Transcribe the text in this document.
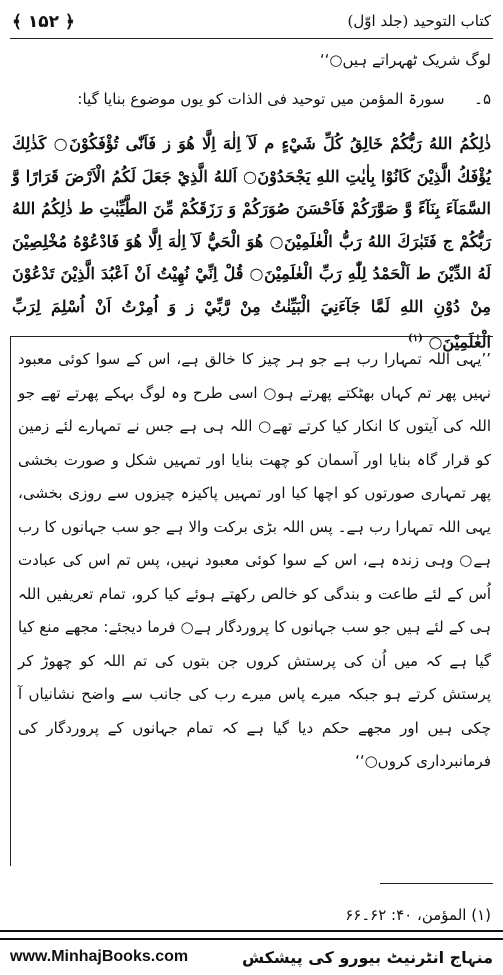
﴾ ۱۵۲ ﴿	کتاب التوحید (جلد اوّل)
لوگ شریک ٹھہراتے ہیں○‘‘
۵۔  سورۃ المؤمن میں توحید فی الذات کو یوں موضوع بنایا گیا:
ذٰلِكُمُ اللهُ رَبُّكُمْ خَالِقُ كُلِّ شَيْءٍ م لَآ اِلٰهَ اِلَّا هُوَ ز فَاَنّٰى تُؤْفَكُوْنَ○ كَذٰلِكَ يُؤْفَكُ الَّذِيْنَ كَانُوْا بِاٰيٰتِ اللهِ يَجْحَدُوْنَ○ اَللهُ الَّذِيْ جَعَلَ لَكُمُ الْاَرْضَ قَرَارًا وَّ السَّمَآءَ بِنَآءً وَّ صَوَّرَكُمْ فَاَحْسَنَ صُوَرَكُمْ وَ رَزَقَكُمْ مِّنَ الطَّيِّبٰتِ ط ذٰلِكُمُ اللهُ رَبُّكُمْ ج فَتَبٰرَكَ اللهُ رَبُّ الْعٰلَمِيْنَ○ هُوَ الْحَيُّ لَآ اِلٰهَ اِلَّا هُوَ فَادْعُوْهُ مُخْلِصِيْنَ لَهُ الدِّيْنَ ط اَلْحَمْدُ لِلّٰهِ رَبِّ الْعٰلَمِيْنَ○ قُلْ اِنِّيْ نُهِيْتُ اَنْ اَعْبُدَ الَّذِيْنَ تَدْعُوْنَ مِنْ دُوْنِ اللهِ لَمَّا جَآءَنِيَ الْبَيِّنٰتُ مِنْ رَّبِّيْ ز وَ اُمِرْتُ اَنْ اُسْلِمَ لِرَبِّ الْعٰلَمِيْنَ○ $^{(۱)}$
’’یہی اللہ تمہارا رب ہے جو ہر چیز کا خالق ہے، اس کے سوا کوئی معبود نہیں پھر تم کہاں بھٹکتے پھرتے ہو○ اسی طرح وہ لوگ بہکے پھرتے تھے جو اللہ کی آیتوں کا انکار کیا کرتے تھے○ اللہ ہی ہے جس نے تمہارے لئے زمین کو قرار گاہ بنایا اور آسمان کو چھت بنایا اور تمہیں شکل و صورت بخشی پھر تمہاری صورتوں کو اچھا کیا اور تمہیں پاکیزہ چیزوں سے روزی بخشی، یہی اللہ تمہارا رب ہے۔ پس اللہ بڑی برکت والا ہے جو سب جہانوں کا رب ہے○ وہی زندہ ہے، اس کے سوا کوئی معبود نہیں، پس تم اس کی عبادت اُس کے لئے طاعت و بندگی کو خالص رکھتے ہوئے کیا کرو، تمام تعریفیں اللہ ہی کے لئے ہیں جو سب جہانوں کا پروردگار ہے○ فرما دیجئے: مجھے منع کیا گیا ہے کہ میں اُن کی پرستش کروں جن بتوں کی تم اللہ کو چھوڑ کر پرستش کرتے ہو جبکہ میرے پاس میرے رب کی جانب سے واضح نشانیاں آ چکی ہیں اور مجھے حکم دیا گیا ہے کہ تمام جہانوں کے پروردگار کی فرمانبرداری کروں○‘‘
(۱) المؤمن، ۴۰: ۶۲۔۶۶
www.MinhajBooks.com	منہاج انٹرنیٹ بیورو کی پیشکش
